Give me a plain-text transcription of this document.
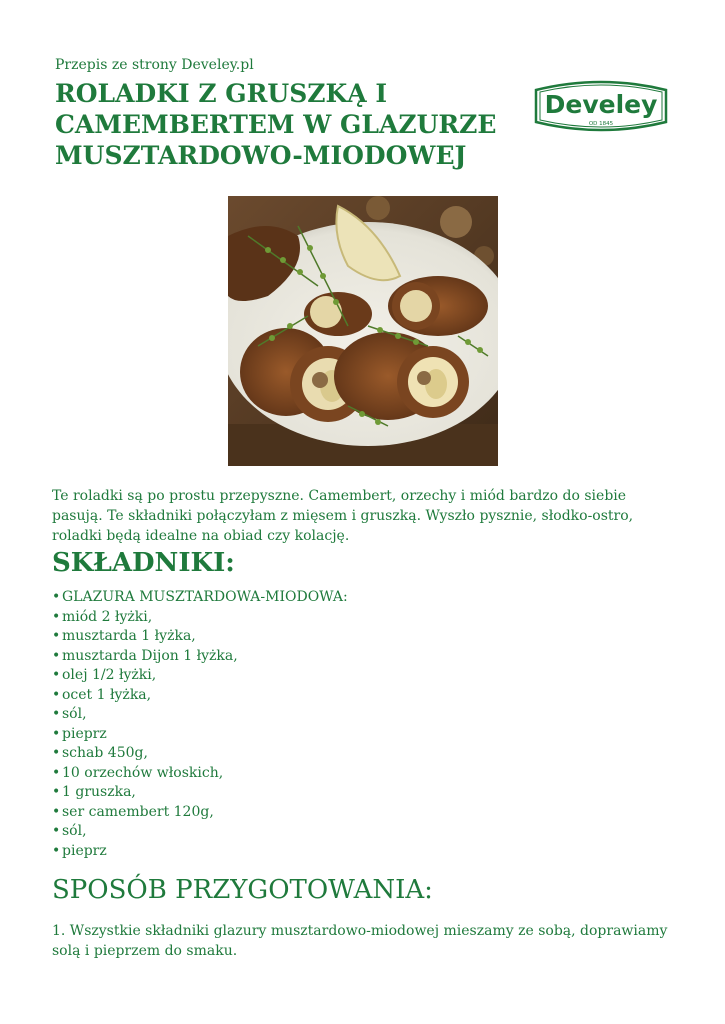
Przepis ze strony Develey.pl
ROLADKI Z GRUSZKĄ I CAMEMBERTEM W GLAZURZE MUSZTARDOWO-MIODOWEJ
Develey
OD 1845

Te roladki są po prostu przepyszne. Camembert, orzechy i miód bardzo do siebie pasują. Te składniki połączyłam z mięsem i gruszką. Wyszło pysznie, słodko-ostro, roladki będą idealne na obiad czy kolację.

SKŁADNIKI:
• GLAZURA MUSZTARDOWA-MIODOWA:
• miód 2 łyżki,
• musztarda 1 łyżka,
• musztarda Dijon 1 łyżka,
• olej 1/2 łyżki,
• ocet 1 łyżka,
• sól,
• pieprz
• schab 450g,
• 10 orzechów włoskich,
• 1 gruszka,
• ser camembert 120g,
• sól,
• pieprz
SPOSÓB PRZYGOTOWANIA:

1. Wszystkie składniki glazury musztardowo-miodowej mieszamy ze sobą, doprawiamy solą i pieprzem do smaku.
